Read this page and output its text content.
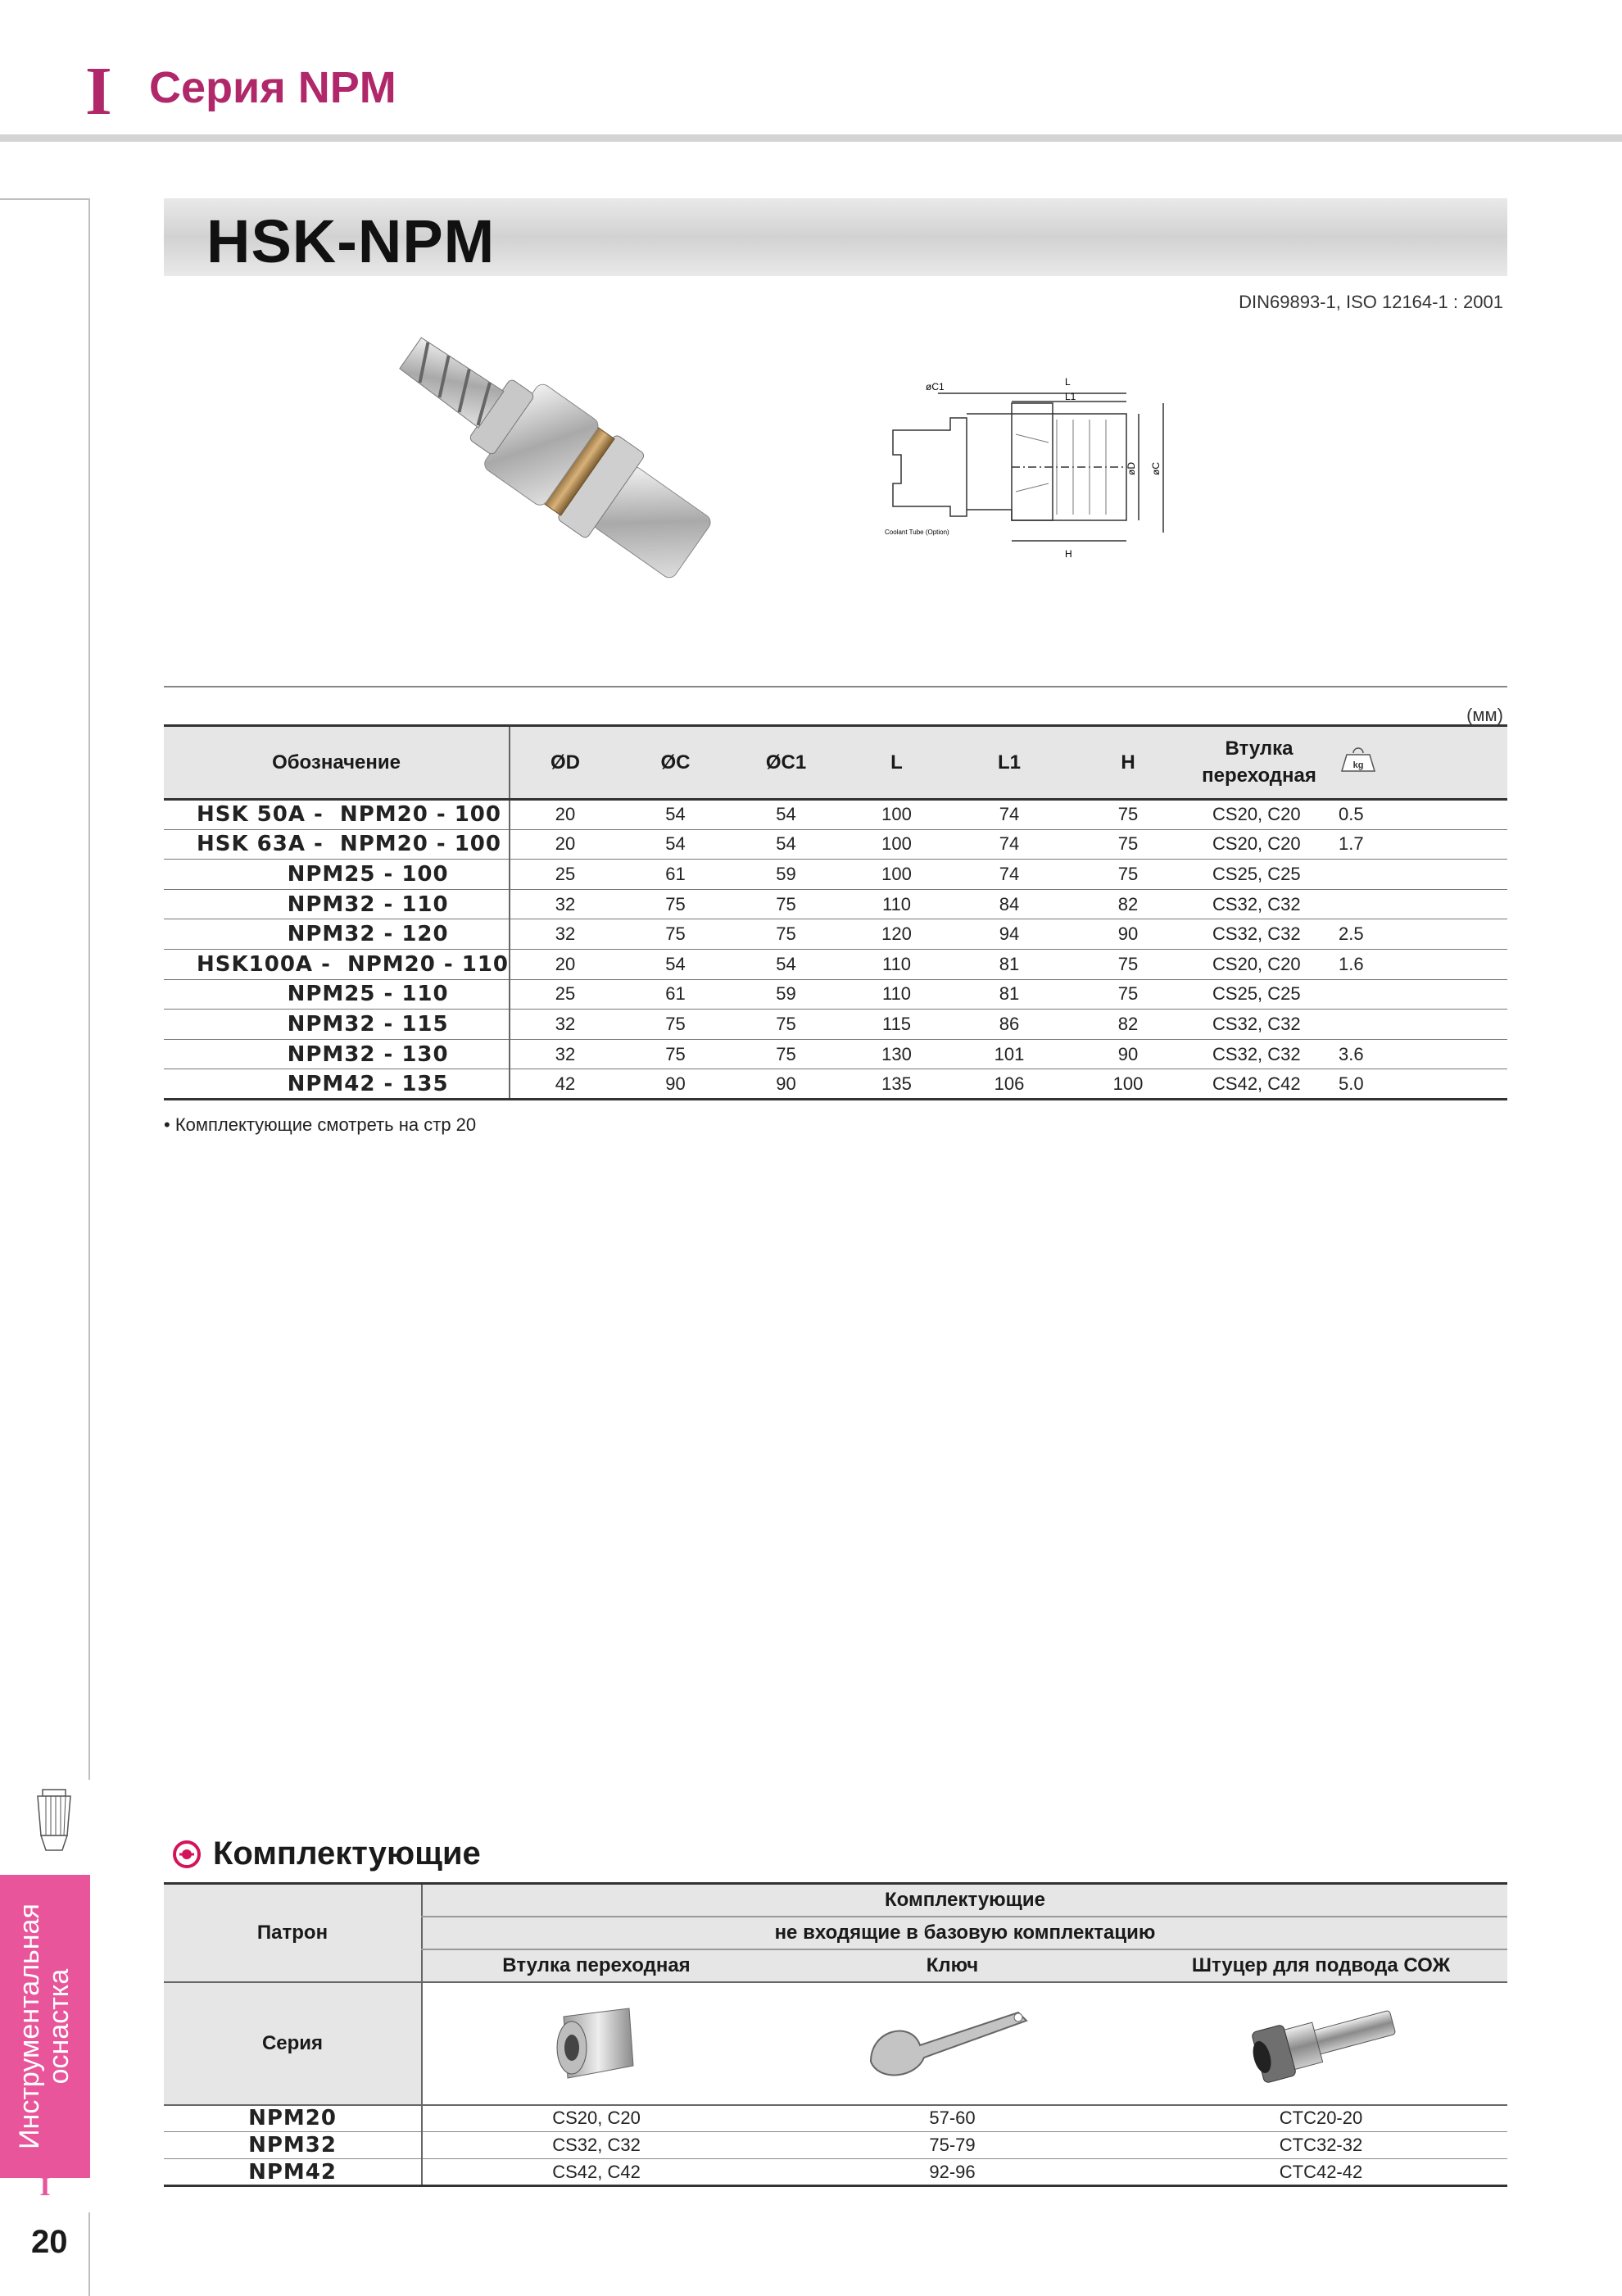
I Серия NPM
Инструментальная
оснастка
I
20
HSK-NPM
DIN69893-1, ISO 12164-1 : 2001
øC1	L
L1
H
øD øC
Coolant Tube (Option)
(мм)
Обозначение	ØD	ØC	ØC1	L	L1	H	Втулка
переходная	kg

HSK 50A -  NPM20 - 100	20	54	54	100	74	75	CS20, C20	0.5
HSK 63A -  NPM20 - 100	20	54	54	100	74	75	CS20, C20	1.7
NPM25 - 100	25	61	59	100	74	75	CS25, C25	
NPM32 - 110	32	75	75	110	84	82	CS32, C32	
NPM32 - 120	32	75	75	120	94	90	CS32, C32	2.5
HSK100A -  NPM20 - 110	20	54	54	110	81	75	CS20, C20	1.6
NPM25 - 110	25	61	59	110	81	75	CS25, C25	
NPM32 - 115	32	75	75	115	86	82	CS32, C32	
NPM32 - 130	32	75	75	130	101	90	CS32, C32	3.6
NPM42 - 135	42	90	90	135	106	100	CS42, C42	5.0
• Комплектующие смотреть на стр 20
Комплектующие
Патрон	Комплектующие		
	не входящие в базовую комплектацию		
	Втулка переходная	Ключ	Штуцер для подвода СОЖ
Серия			
NPM20	CS20, C20	57-60	CTC20-20
NPM32	CS32, C32	75-79	CTC32-32
NPM42	CS42, C42	92-96	CTC42-42
